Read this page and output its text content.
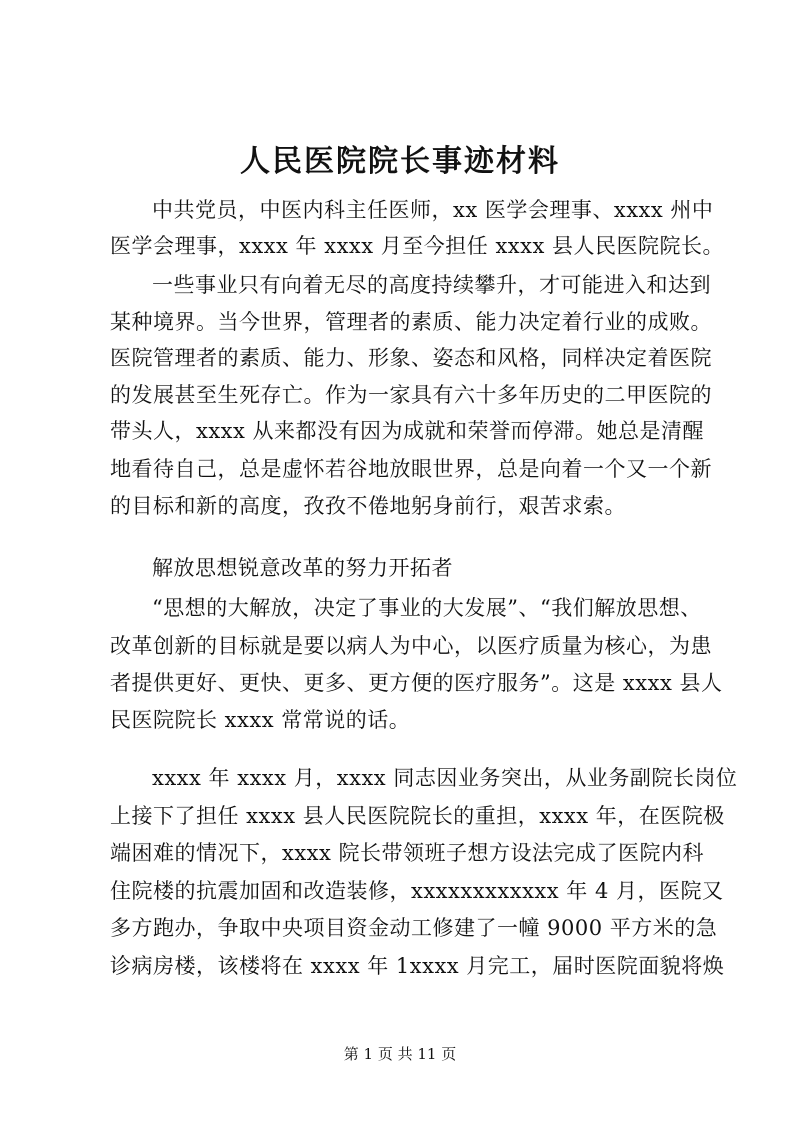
人民医院院长事迹材料
中共党员，中医内科主任医师，xx 医学会理事、xxxx 州中
医学会理事，xxxx 年 xxxx 月至今担任 xxxx 县人民医院院长。
一些事业只有向着无尽的高度持续攀升，才可能进入和达到
某种境界。当今世界，管理者的素质、能力决定着行业的成败。
医院管理者的素质、能力、形象、姿态和风格，同样决定着医院
的发展甚至生死存亡。作为一家具有六十多年历史的二甲医院的
带头人，xxxx 从来都没有因为成就和荣誉而停滞。她总是清醒
地看待自己，总是虚怀若谷地放眼世界，总是向着一个又一个新
的目标和新的高度，孜孜不倦地躬身前行，艰苦求索。
解放思想锐意改革的努力开拓者
“思想的大解放，决定了事业的大发展”、“我们解放思想、
改革创新的目标就是要以病人为中心，以医疗质量为核心，为患
者提供更好、更快、更多、更方便的医疗服务”。这是 xxxx 县人
民医院院长 xxxx 常常说的话。
xxxx 年 xxxx 月，xxxx 同志因业务突出，从业务副院长岗位
上接下了担任 xxxx 县人民医院院长的重担，xxxx 年，在医院极
端困难的情况下，xxxx 院长带领班子想方设法完成了医院内科
住院楼的抗震加固和改造装修，xxxxxxxxxxxx 年 4 月，医院又
多方跑办，争取中央项目资金动工修建了一幢 9000 平方米的急
诊病房楼，该楼将在 xxxx 年 1xxxx 月完工，届时医院面貌将焕
第 1 页 共 11 页
